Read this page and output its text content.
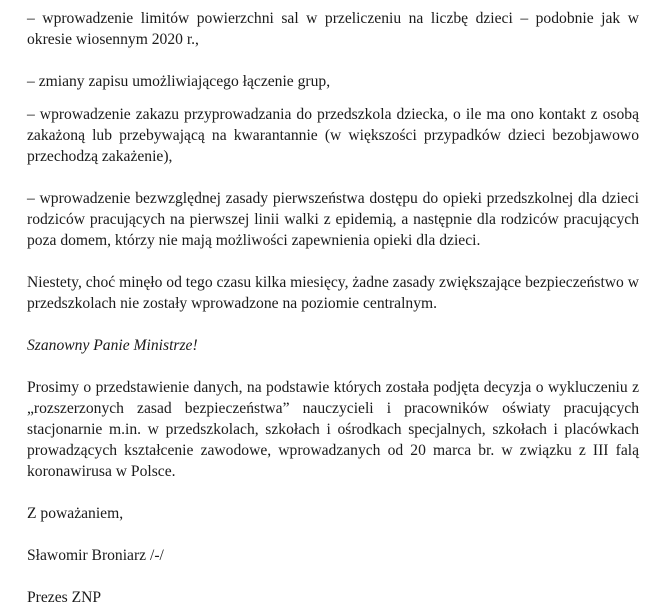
– wprowadzenie limitów powierzchni sal w przeliczeniu na liczbę dzieci – podobnie jak w okresie wiosennym 2020 r.,

– zmiany zapisu umożliwiającego łączenie grup,

– wprowadzenie zakazu przyprowadzania do przedszkola dziecka, o ile ma ono kontakt z osobą zakażoną lub przebywającą na kwarantannie (w większości przypadków dzieci bezobjawowo przechodzą zakażenie),

– wprowadzenie bezwzględnej zasady pierwszeństwa dostępu do opieki przedszkolnej dla dzieci rodziców pracujących na pierwszej linii walki z epidemią, a następnie dla rodziców pracujących poza domem, którzy nie mają możliwości zapewnienia opieki dla dzieci.

Niestety, choć minęło od tego czasu kilka miesięcy, żadne zasady zwiększające bezpieczeństwo w przedszkolach nie zostały wprowadzone na poziomie centralnym.

Szanowny Panie Ministrze!

Prosimy o przedstawienie danych, na podstawie których została podjęta decyzja o wykluczeniu z „rozszerzonych zasad bezpieczeństwa” nauczycieli i pracowników oświaty pracujących stacjonarnie m.in. w przedszkolach, szkołach i ośrodkach specjalnych, szkołach i placówkach prowadzących kształcenie zawodowe, wprowadzanych od 20 marca br. w związku z III falą koronawirusa w Polsce.

Z poważaniem,

Sławomir Broniarz /-/

Prezes ZNP
